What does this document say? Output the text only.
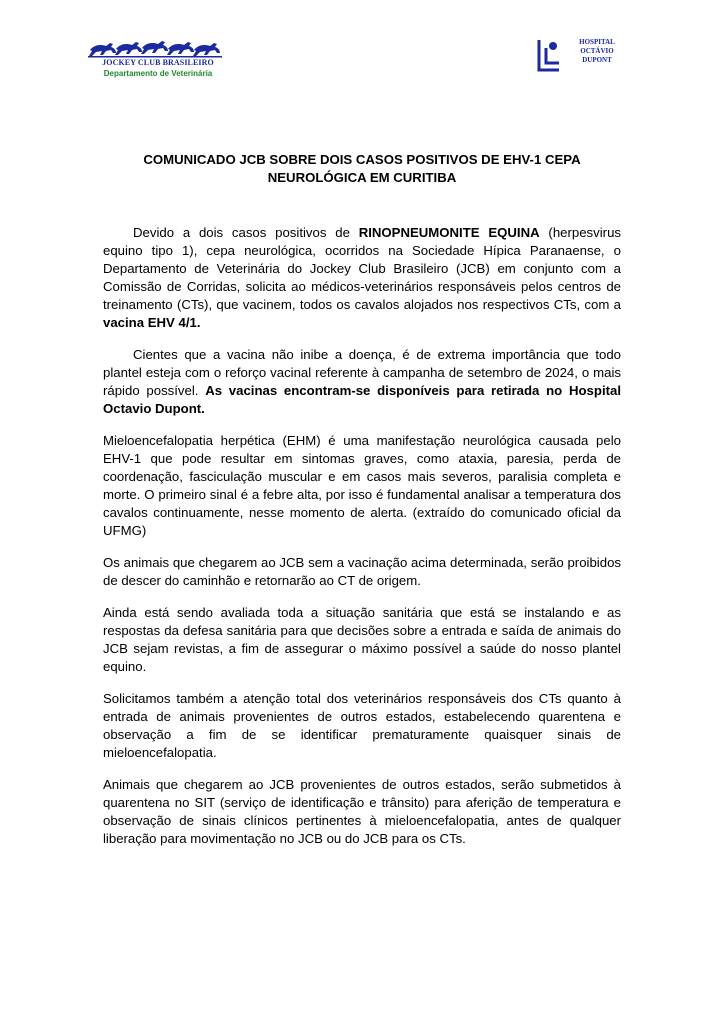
JOCKEY CLUB BRASILEIRO
Departamento de Veterinária
HOSPITAL
OCTÁVIO
DUPONT
COMUNICADO JCB SOBRE DOIS CASOS POSITIVOS DE EHV-1 CEPA NEUROLÓGICA EM CURITIBA

Devido a dois casos positivos de RINOPNEUMONITE EQUINA (herpesvirus equino tipo 1), cepa neurológica, ocorridos na Sociedade Hípica Paranaense, o Departamento de Veterinária do Jockey Club Brasileiro (JCB) em conjunto com a Comissão de Corridas, solicita ao médicos-veterinários responsáveis pelos centros de treinamento (CTs), que vacinem, todos os cavalos alojados nos respectivos CTs, com a vacina EHV 4/1.

Cientes que a vacina não inibe a doença, é de extrema importância que todo plantel esteja com o reforço vacinal referente à campanha de setembro de 2024, o mais rápido possível. As vacinas encontram-se disponíveis para retirada no Hospital Octavio Dupont.

Mieloencefalopatia herpética (EHM) é uma manifestação neurológica causada pelo EHV-1 que pode resultar em sintomas graves, como ataxia, paresia, perda de coordenação, fasciculação muscular e em casos mais severos, paralisia completa e morte. O primeiro sinal é a febre alta, por isso é fundamental analisar a temperatura dos cavalos continuamente, nesse momento de alerta. (extraído do comunicado oficial da UFMG)

Os animais que chegarem ao JCB sem a vacinação acima determinada, serão proibidos de descer do caminhão e retornarão ao CT de origem.

Ainda está sendo avaliada toda a situação sanitária que está se instalando e as respostas da defesa sanitária para que decisões sobre a entrada e saída de animais do JCB sejam revistas, a fim de assegurar o máximo possível a saúde do nosso plantel equino.

Solicitamos também a atenção total dos veterinários responsáveis dos CTs quanto à entrada de animais provenientes de outros estados, estabelecendo quarentena e observação a fim de se identificar prematuramente quaisquer sinais de mieloencefalopatia.

Animais que chegarem ao JCB provenientes de outros estados, serão submetidos à quarentena no SIT (serviço de identificação e trânsito) para aferição de temperatura e observação de sinais clínicos pertinentes à mieloencefalopatia, antes de qualquer liberação para movimentação no JCB ou do JCB para os CTs.
